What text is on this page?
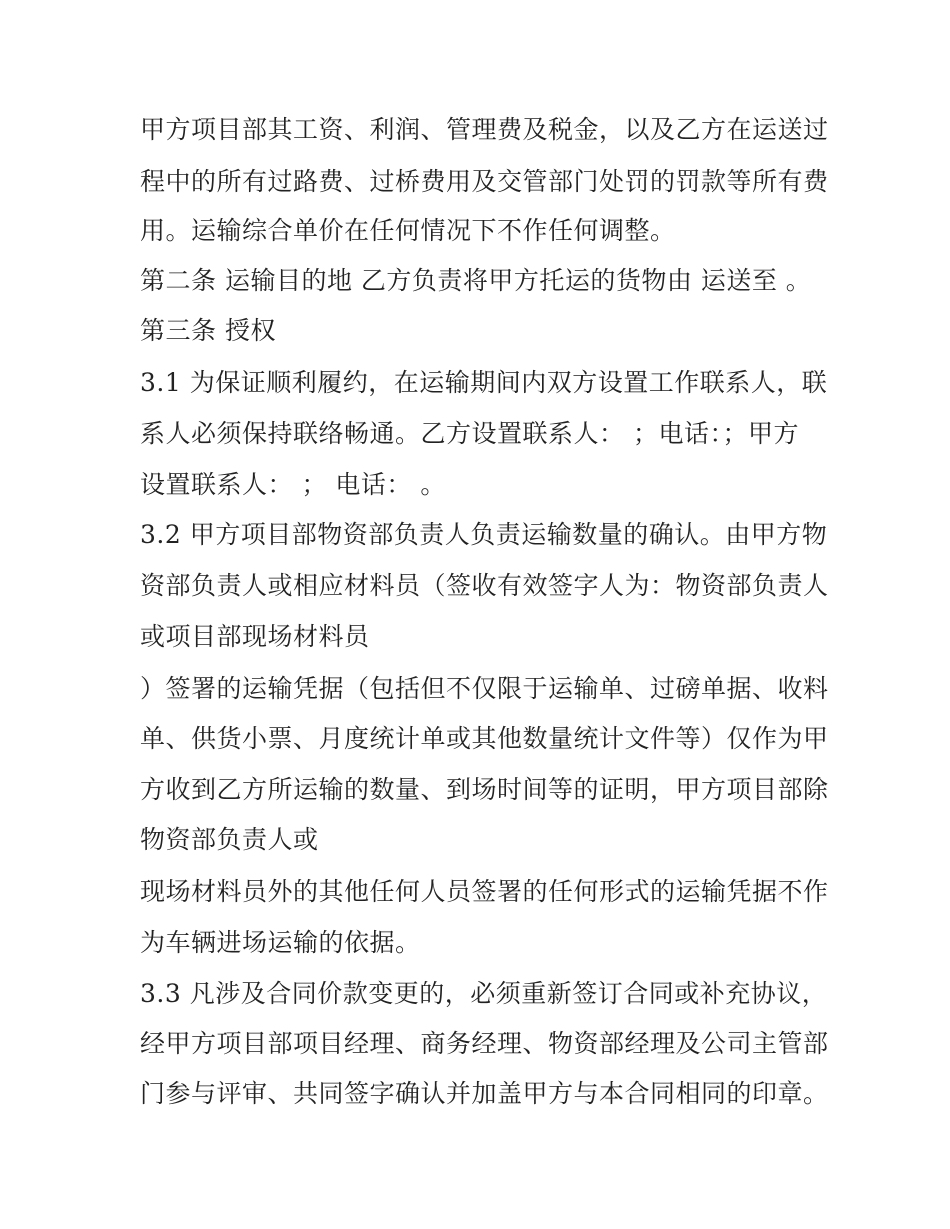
甲方项目部其工资、利润、管理费及税金，以及乙方在运送过
程中的所有过路费、过桥费用及交管部门处罚的罚款等所有费
用。运输综合单价在任何情况下不作任何调整。
第二条 运输目的地 乙方负责将甲方托运的货物由 运送至 。
第三条 授权
3.1 为保证顺利履约，在运输期间内双方设置工作联系人，联
系人必须保持联络畅通。乙方设置联系人： ；电话：；甲方
设置联系人： ； 电话： 。
3.2 甲方项目部物资部负责人负责运输数量的确认。由甲方物
资部负责人或相应材料员（签收有效签字人为：物资部负责人
或项目部现场材料员
）签署的运输凭据（包括但不仅限于运输单、过磅单据、收料
单、供货小票、月度统计单或其他数量统计文件等）仅作为甲
方收到乙方所运输的数量、到场时间等的证明，甲方项目部除
物资部负责人或
现场材料员外的其他任何人员签署的任何形式的运输凭据不作
为车辆进场运输的依据。
3.3 凡涉及合同价款变更的，必须重新签订合同或补充协议，
经甲方项目部项目经理、商务经理、物资部经理及公司主管部
门参与评审、共同签字确认并加盖甲方与本合同相同的印章。
